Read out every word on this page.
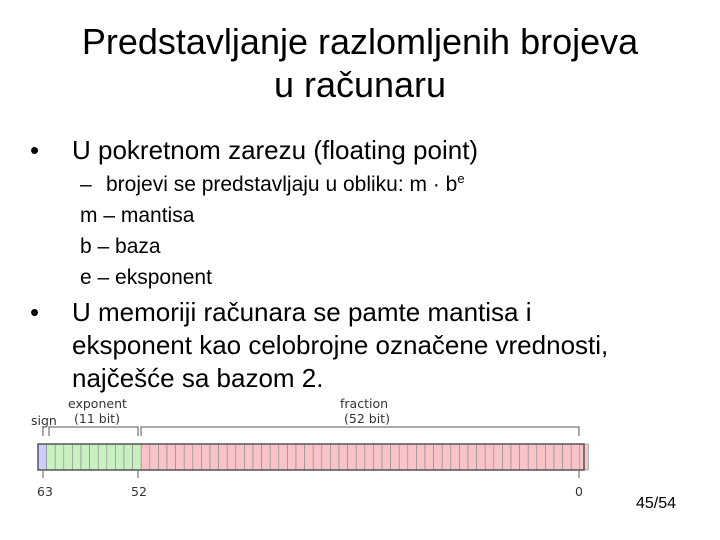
Predstavljanje razlomljenih brojeva
u računaru
• U pokretnom zarezu (floating point)
– brojevi se predstavljaju u obliku: $m \cdot b^e$
m – mantisa
b – baza
e – eksponent
• U memoriji računara se pamte mantisa i
eksponent kao celobrojne označene vrednosti,
najčešće sa bazom 2.
sign
exponent
(11 bit)
fraction
(52 bit)
63	52	0
45/54
